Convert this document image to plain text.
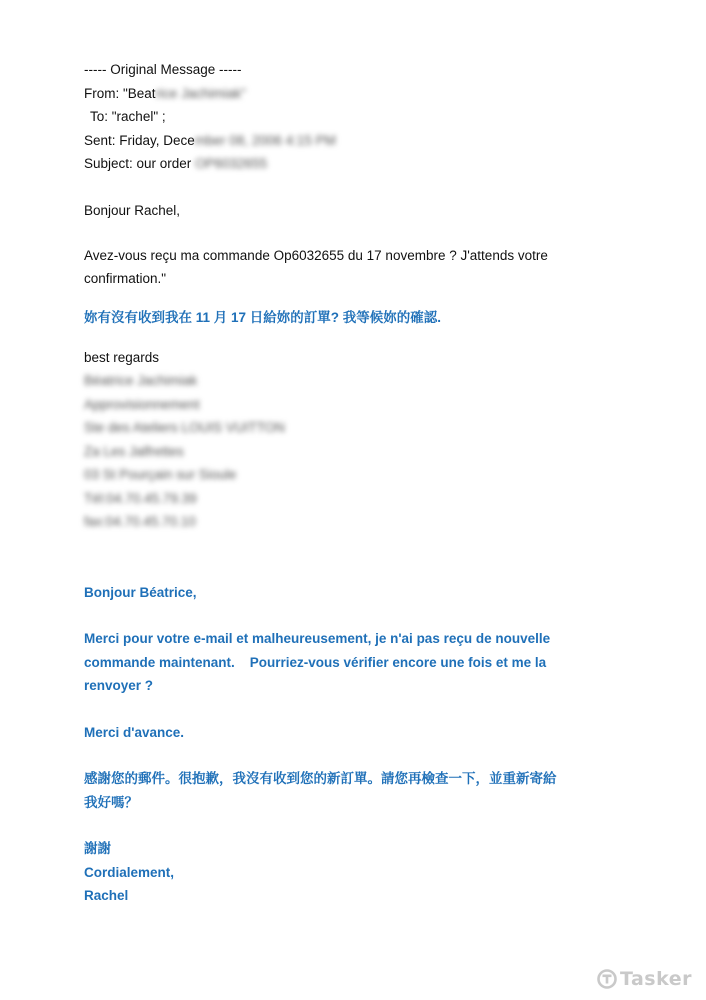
----- Original Message -----
From: "Beatrice Jachimiak"
To: "rachel" ;
Sent: Friday, December 08, 2006 4:15 PM
Subject: our order OP6032655
Bonjour Rachel,
Avez-vous reçu ma commande Op6032655 du 17 novembre ? J'attends votre
confirmation."
妳有沒有收到我在 11 月 17 日給妳的訂單? 我等候妳的確認.
best regards
Béatrice Jachimiak
Approvisionnement
Ste des Ateliers LOUIS VUITTON
Za Les Jalfrettes
03 St Pourçain sur Sioule
Tél:04.70.45.79.39
fax:04.70.45.70.10
Bonjour Béatrice,
Merci pour votre e-mail et malheureusement, je n'ai pas reçu de nouvelle
commande maintenant.    Pourriez-vous vérifier encore une fois et me la
renvoyer ?
Merci d'avance.
感謝您的郵件。很抱歉，我沒有收到您的新訂單。請您再檢查一下，並重新寄給
我好嗎？
謝謝
Cordialement,
Rachel
Tasker
